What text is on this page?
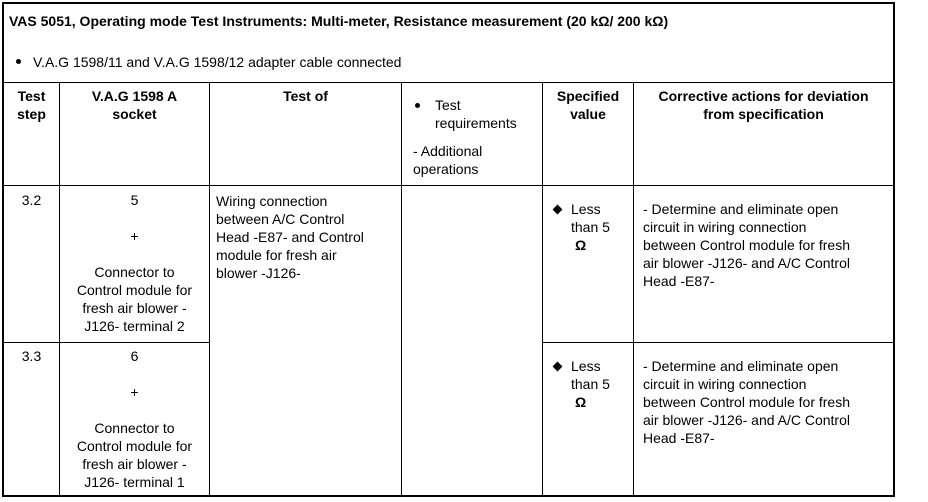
VAS 5051, Operating mode Test Instruments: Multi-meter, Resistance measurement (20 kΩ/ 200 kΩ)
V.A.G 1598/11 and V.A.G 1598/12 adapter cable connected
Test
step
V.A.G 1598 A
socket
Test of
Test
requirements
- Additional
operations
Specified
value
Corrective actions for deviation
from specification
3.2	5
+
Connector to
Control module for
fresh air blower -
J126- terminal 2
Wiring connection
between A/C Control
Head -E87- and Control
module for fresh air
blower -J126-
Less
than 5
Ω
- Determine and eliminate open
circuit in wiring connection
between Control module for fresh
air blower -J126- and A/C Control
Head -E87-
3.3	6
+
Connector to
Control module for
fresh air blower -
J126- terminal 1
Less
than 5
Ω
- Determine and eliminate open
circuit in wiring connection
between Control module for fresh
air blower -J126- and A/C Control
Head -E87-
